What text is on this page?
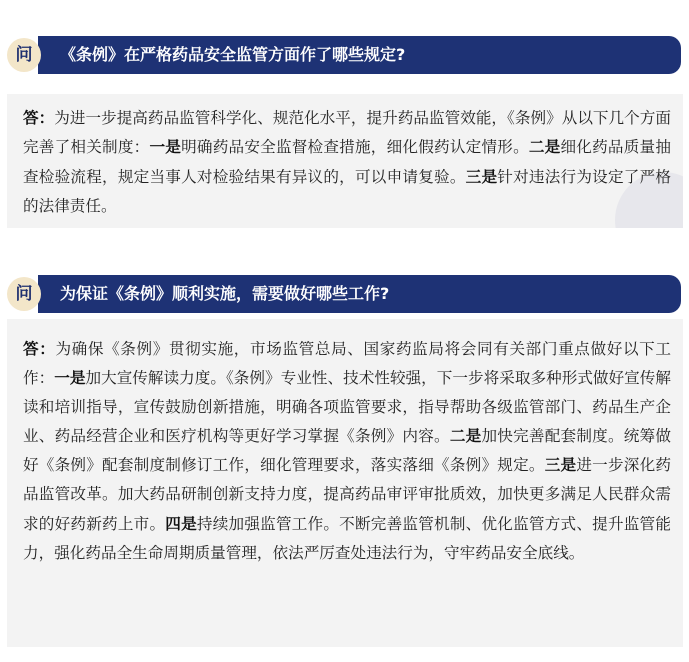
问	《条例》在严格药品安全监管方面作了哪些规定?

答：为进一步提高药品监管科学化、规范化水平，提升药品监管效能，《条例》从以下几个方面完善了相关制度：一是明确药品安全监督检查措施，细化假药认定情形。二是细化药品质量抽查检验流程，规定当事人对检验结果有异议的，可以申请复验。三是针对违法行为设定了严格的法律责任。

问	为保证《条例》顺利实施，需要做好哪些工作?

答：为确保《条例》贯彻实施，市场监管总局、国家药监局将会同有关部门重点做好以下工作：一是加大宣传解读力度。《条例》专业性、技术性较强，下一步将采取多种形式做好宣传解读和培训指导，宣传鼓励创新措施，明确各项监管要求，指导帮助各级监管部门、药品生产企业、药品经营企业和医疗机构等更好学习掌握《条例》内容。二是加快完善配套制度。统筹做好《条例》配套制度制修订工作，细化管理要求，落实落细《条例》规定。三是进一步深化药品监管改革。加大药品研制创新支持力度，提高药品审评审批质效，加快更多满足人民群众需求的好药新药上市。四是持续加强监管工作。不断完善监管机制、优化监管方式、提升监管能力，强化药品全生命周期质量管理，依法严厉查处违法行为，守牢药品安全底线。
